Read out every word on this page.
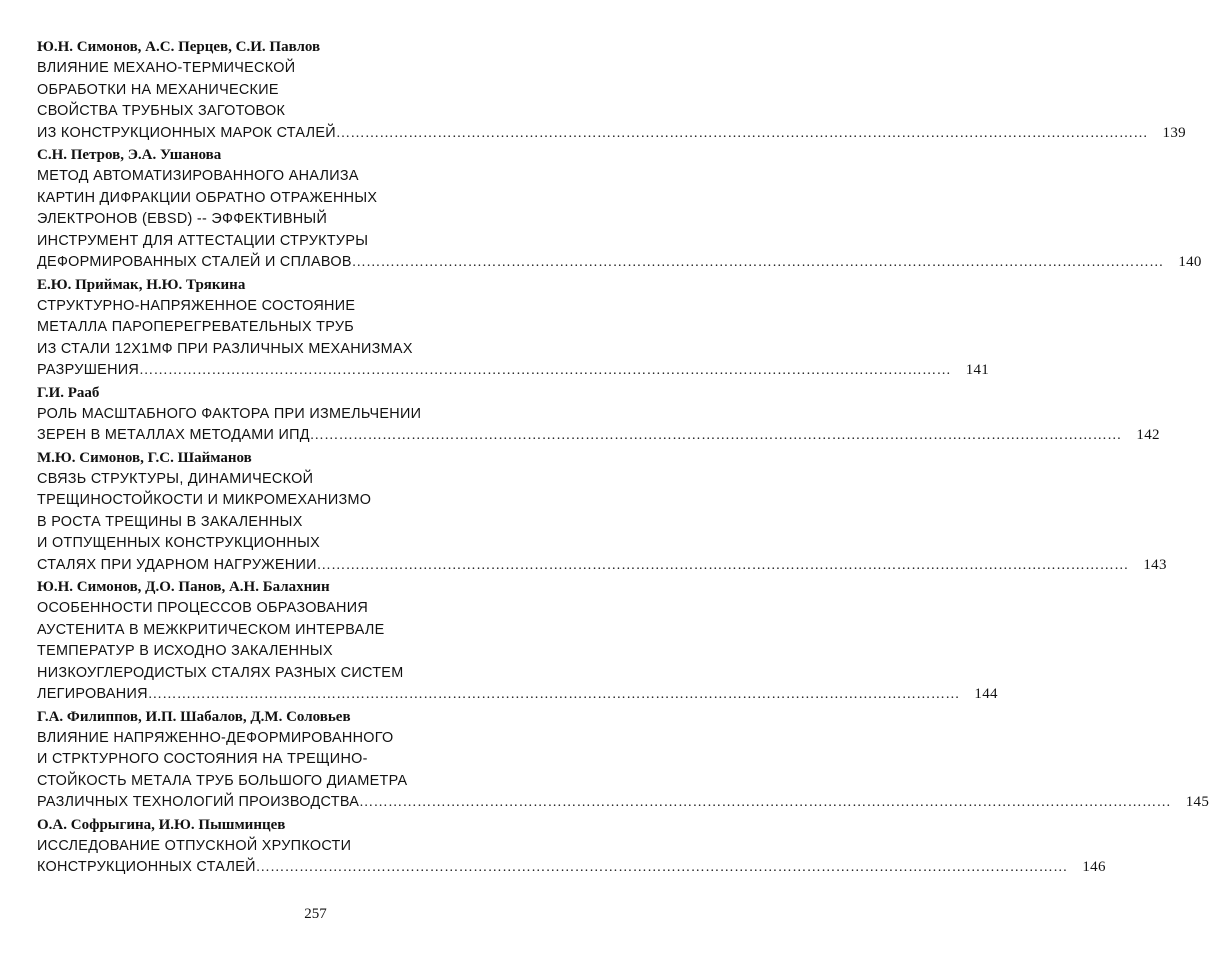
Ю.Н. Симонов, А.С. Перцев, С.И. Павлов
ВЛИЯНИЕ МЕХАНО-ТЕРМИЧЕСКОЙ
ОБРАБОТКИ НА МЕХАНИЧЕСКИЕ
СВОЙСТВА ТРУБНЫХ ЗАГОТОВОК
ИЗ КОНСТРУКЦИОННЫХ МАРОК СТАЛЕЙ …………………………………………………………………………………………………………………………………………………… 139
С.Н. Петров, Э.А. Ушанова
МЕТОД АВТОМАТИЗИРОВАННОГО АНАЛИЗА
КАРТИН ДИФРАКЦИИ ОБРАТНО ОТРАЖЕННЫХ
ЭЛЕКТРОНОВ (EBSD) -- ЭФФЕКТИВНЫЙ
ИНСТРУМЕНТ ДЛЯ АТТЕСТАЦИИ СТРУКТУРЫ
ДЕФОРМИРОВАННЫХ СТАЛЕЙ И СПЛАВОВ …………………………………………………………………………………………………………………………………………………… 140
Е.Ю. Приймак, Н.Ю. Трякина
СТРУКТУРНО-НАПРЯЖЕННОЕ СОСТОЯНИЕ
МЕТАЛЛА ПАРОПЕРЕГРЕВАТЕЛЬНЫХ ТРУБ
ИЗ СТАЛИ 12Х1МФ ПРИ РАЗЛИЧНЫХ МЕХАНИЗМАХ
РАЗРУШЕНИЯ …………………………………………………………………………………………………………………………………………………… 141
Г.И. Рааб
РОЛЬ МАСШТАБНОГО ФАКТОРА ПРИ ИЗМЕЛЬЧЕНИИ
ЗЕРЕН В МЕТАЛЛАХ МЕТОДАМИ ИПД …………………………………………………………………………………………………………………………………………………… 142
М.Ю. Симонов, Г.С. Шайманов
СВЯЗЬ СТРУКТУРЫ, ДИНАМИЧЕСКОЙ
ТРЕЩИНОСТОЙКОСТИ И МИКРОМЕХАНИЗМО
В РОСТА ТРЕЩИНЫ В ЗАКАЛЕННЫХ
И ОТПУЩЕННЫХ КОНСТРУКЦИОННЫХ
СТАЛЯХ ПРИ УДАРНОМ НАГРУЖЕНИИ …………………………………………………………………………………………………………………………………………………… 143
Ю.Н. Симонов, Д.О. Панов, А.Н. Балахнин
ОСОБЕННОСТИ ПРОЦЕССОВ ОБРАЗОВАНИЯ
АУСТЕНИТА В МЕЖКРИТИЧЕСКОМ ИНТЕРВАЛЕ
ТЕМПЕРАТУР В ИСХОДНО ЗАКАЛЕННЫХ
НИЗКОУГЛЕРОДИСТЫХ СТАЛЯХ РАЗНЫХ СИСТЕМ
ЛЕГИРОВАНИЯ …………………………………………………………………………………………………………………………………………………… 144
Г.А. Филиппов, И.П. Шабалов, Д.М. Соловьев
ВЛИЯНИЕ НАПРЯЖЕННО-ДЕФОРМИРОВАННОГО
И СТРКТУРНОГО СОСТОЯНИЯ НА ТРЕЩИНО-
СТОЙКОСТЬ МЕТАЛА ТРУБ БОЛЬШОГО ДИАМЕТРА
РАЗЛИЧНЫХ ТЕХНОЛОГИЙ ПРОИЗВОДСТВА …………………………………………………………………………………………………………………………………………………… 145
О.А. Софрыгина, И.Ю. Пышминцев
ИССЛЕДОВАНИЕ ОТПУСКНОЙ ХРУПКОСТИ
КОНСТРУКЦИОННЫХ СТАЛЕЙ …………………………………………………………………………………………………………………………………………………… 146
257
